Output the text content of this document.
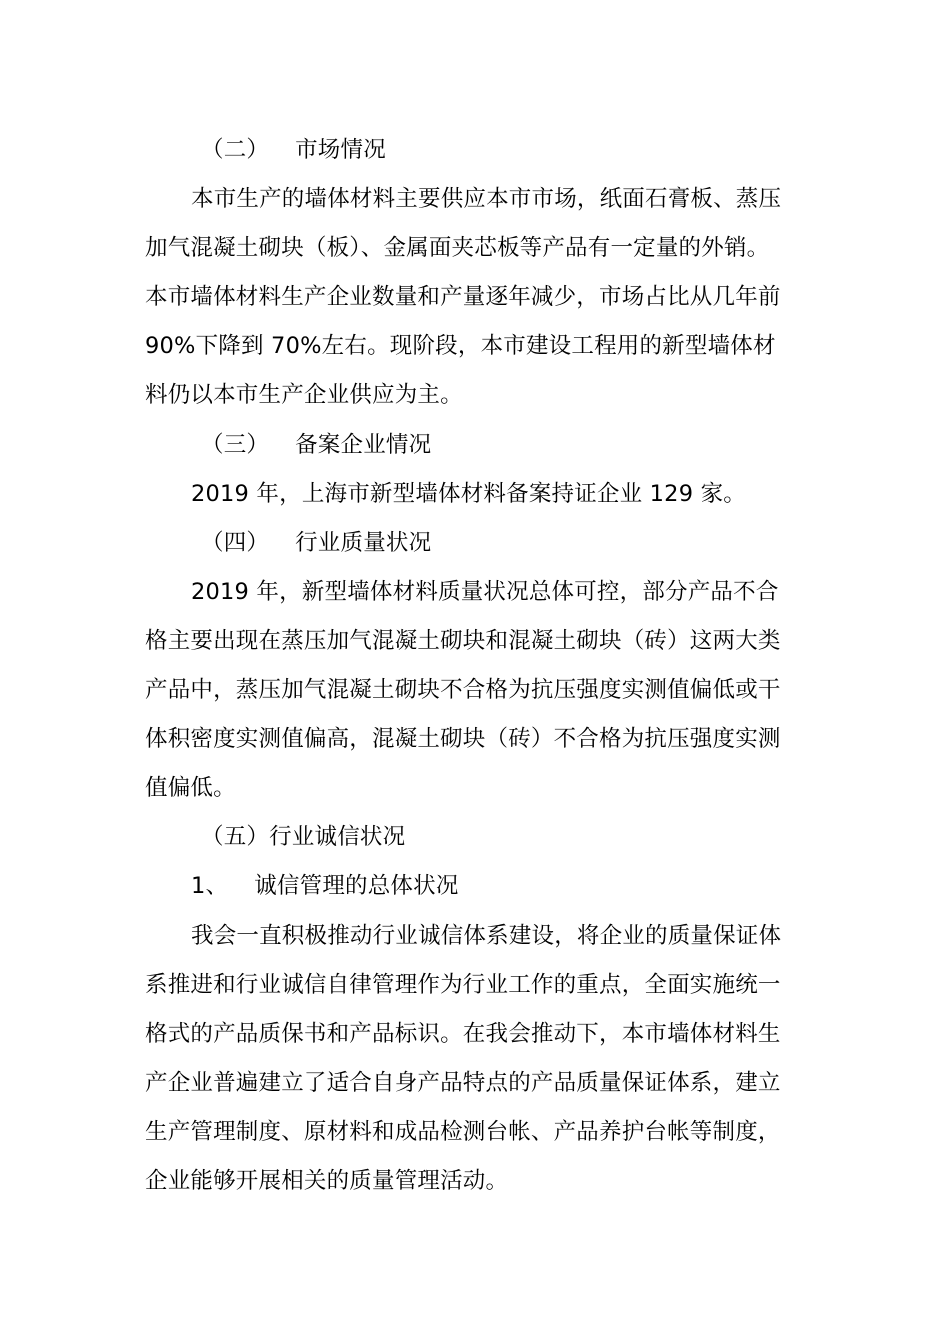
（二） 市场情况
本市生产的墙体材料主要供应本市市场，纸面石膏板、蒸压
加气混凝土砌块（板）、金属面夹芯板等产品有一定量的外销。
本市墙体材料生产企业数量和产量逐年减少，市场占比从几年前
90%下降到 70%左右。现阶段，本市建设工程用的新型墙体材
料仍以本市生产企业供应为主。
（三） 备案企业情况
2019 年，上海市新型墙体材料备案持证企业 129 家。
（四） 行业质量状况
2019 年，新型墙体材料质量状况总体可控，部分产品不合
格主要出现在蒸压加气混凝土砌块和混凝土砌块（砖）这两大类
产品中，蒸压加气混凝土砌块不合格为抗压强度实测值偏低或干
体积密度实测值偏高，混凝土砌块（砖）不合格为抗压强度实测
值偏低。
（五）行业诚信状况
1、 诚信管理的总体状况
我会一直积极推动行业诚信体系建设，将企业的质量保证体
系推进和行业诚信自律管理作为行业工作的重点，全面实施统一
格式的产品质保书和产品标识。在我会推动下，本市墙体材料生
产企业普遍建立了适合自身产品特点的产品质量保证体系，建立
生产管理制度、原材料和成品检测台帐、产品养护台帐等制度，
企业能够开展相关的质量管理活动。
